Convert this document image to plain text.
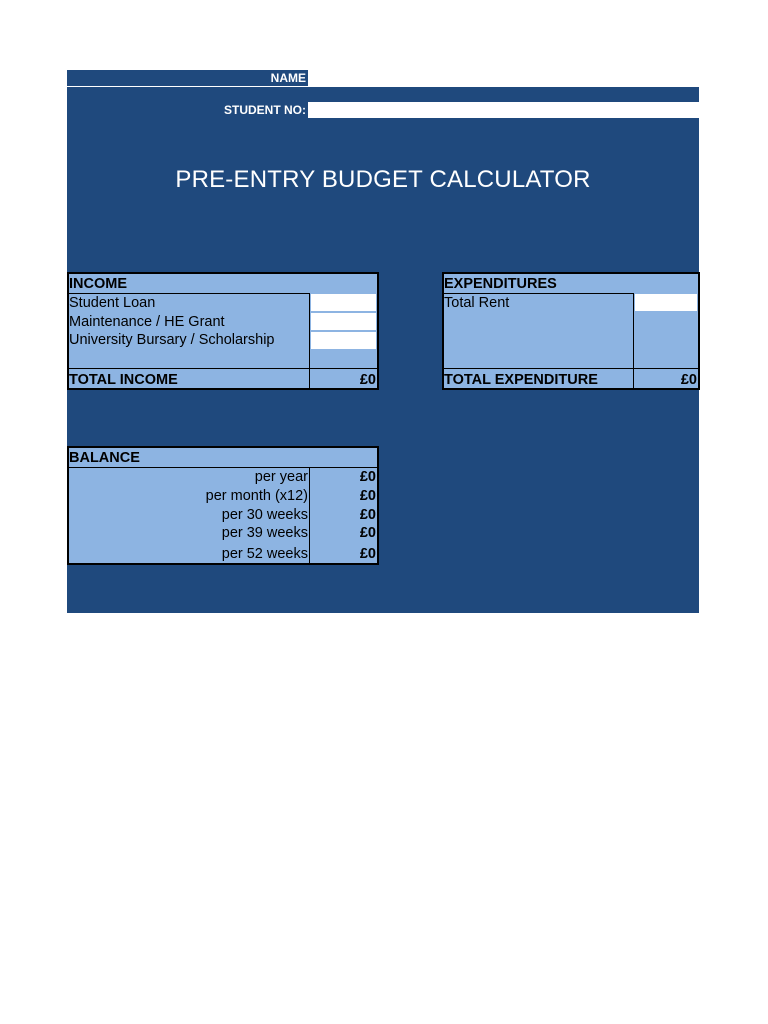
NAME
STUDENT NO:
PRE-ENTRY BUDGET CALCULATOR
INCOME
Student Loan
Maintenance / HE Grant
University Bursary / Scholarship
TOTAL INCOME	£0
EXPENDITURES
Total Rent
TOTAL EXPENDITURE	£0
BALANCE
per year	£0
per month (x12)	£0
per 30 weeks	£0
per 39 weeks	£0
per 52 weeks	£0
